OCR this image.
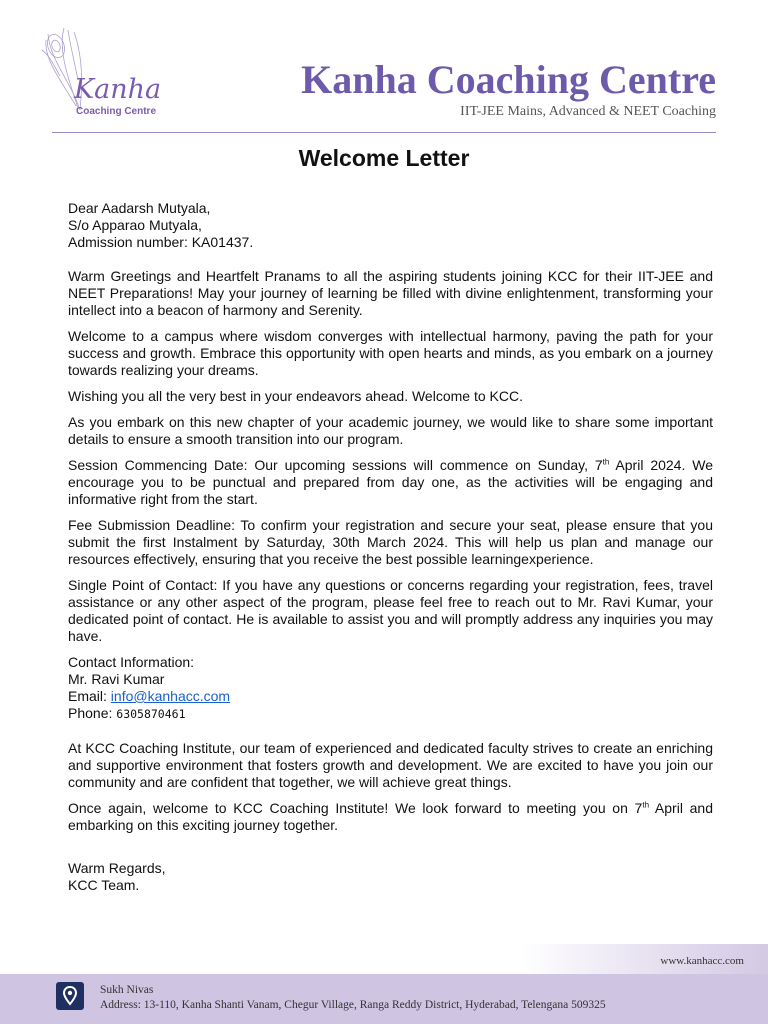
Kanha
Coaching Centre
Kanha Coaching Centre
IIT-JEE Mains, Advanced & NEET Coaching
Welcome Letter
Dear Aadarsh Mutyala,
S/o Apparao Mutyala,
Admission number: KA01437.

Warm Greetings and Heartfelt Pranams to all the aspiring students joining KCC for their IIT-JEE and NEET Preparations! May your journey of learning be filled with divine enlightenment, transforming your intellect into a beacon of harmony and Serenity.

Welcome to a campus where wisdom converges with intellectual harmony, paving the path for your success and growth. Embrace this opportunity with open hearts and minds, as you embark on a journey towards realizing your dreams.

Wishing you all the very best in your endeavors ahead. Welcome to KCC.

As you embark on this new chapter of your academic journey, we would like to share some important details to ensure a smooth transition into our program.

Session Commencing Date: Our upcoming sessions will commence on Sunday, 7th April 2024. We encourage you to be punctual and prepared from day one, as the activities will be engaging and informative right from the start.

Fee Submission Deadline: To confirm your registration and secure your seat, please ensure that you submit the first Instalment by Saturday, 30th March 2024. This will help us plan and manage our resources effectively, ensuring that you receive the best possible learningexperience.

Single Point of Contact: If you have any questions or concerns regarding your registration, fees, travel assistance or any other aspect of the program, please feel free to reach out to Mr. Ravi Kumar, your dedicated point of contact. He is available to assist you and will promptly address any inquiries you may have.

Contact Information:
Mr. Ravi Kumar
Email: info@kanhacc.com
Phone: 6305870461

At KCC Coaching Institute, our team of experienced and dedicated faculty strives to create an enriching and supportive environment that fosters growth and development. We are excited to have you join our community and are confident that together, we will achieve great things.

Once again, welcome to KCC Coaching Institute! We look forward to meeting you on 7th April and embarking on this exciting journey together.

Warm Regards,
KCC Team.
www.kanhacc.com
Sukh Nivas
Address: 13-110, Kanha Shanti Vanam, Chegur Village, Ranga Reddy District, Hyderabad, Telengana 509325
